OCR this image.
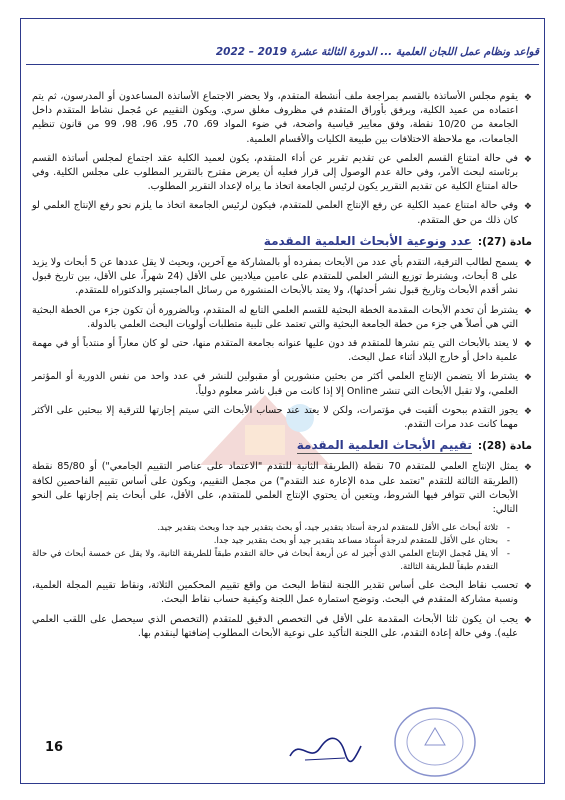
قواعد ونظام عمل اللجان العلمية ... الدورة الثالثة عشرة 2019 – 2022
❖
يقوم مجلس الأساتذة بالقسم بمراجعة ملف أنشطة المتقدم، ولا يحضر الاجتماع الأساتذة المساعدون أو المدرسون، ثم يتم اعتماده من عميد الكلية، ويرفق بأوراق المتقدم في مظروف مغلق سري. ويكون التقييم عن مُجمل نشاط المتقدم داخل الجامعة من 10/20 نقطة، وفق معايير قياسية واضحة، في ضوء المواد 69، 70، 95، 96، 98، 99 من قانون تنظيم الجامعات، مع ملاحظة الاختلافات بين طبيعة الكليات والأقسام العلمية.
❖
في حالة امتناع القسم العلمي عن تقديم تقرير عن أداء المتقدم، يكون لعميد الكلية عقد اجتماع لمجلس أساتذة القسم برئاسته لبحث الأمر، وفي حالة عدم الوصول إلى قرار فعليه أن يعرض مقترح بالتقرير المطلوب على مجلس الكلية. وفي حالة امتناع الكلية عن تقديم التقرير يكون لرئيس الجامعة اتخاذ ما يراه لإعداد التقرير المطلوب.
❖
وفي حالة امتناع عميد الكلية عن رفع الإنتاج العلمي للمتقدم، فيكون لرئيس الجامعة اتخاذ ما يلزم نحو رفع الإنتاج العلمي لو كان ذلك من حق المتقدم.
مادة (27):
عدد ونوعية الأبحاث العلمية المقدمة
❖
يسمح لطالب الترقية، التقدم بأي عدد من الأبحاث بمفرده أو بالمشاركة مع آخرين، وبحيث لا يقل عددها عن 5 أبحاث ولا يزيد على 8 أبحاث، ويشترط توزيع النشر العلمي للمتقدم على عامين ميلاديين على الأقل (24 شهراً، على الأقل، بين تاريخ قبول نشر أقدم الأبحاث وتاريخ قبول نشر أحدثها)، ولا يعتد بالأبحاث المنشورة من رسائل الماجستير والدكتوراه للمتقدم.
❖
يشترط أن تخدم الأبحاث المقدمة الخطة البحثية للقسم العلمي التابع له المتقدم، وبالضرورة أن تكون جزء من الخطة البحثية التي هي أصلاً هي جزء من خطة الجامعة البحثية والتي تعتمد على تلبية متطلبات أولويات البحث العلمي بالدولة.
❖
لا يعتد بالأبحاث التي يتم نشرها للمتقدم قد دون عليها عنوانه بجامعة المتقدم منها، حتى لو كان معاراً أو منتدباً أو في مهمة علمية داخل أو خارج البلاد أثناء عمل البحث.
❖
يشترط ألا يتضمن الإنتاج العلمي أكثر من بحثين منشورين أو مقبولين للنشر في عدد واحد من نفس الدورية أو المؤتمر العلمي، ولا تقبل الأبحاث التي تنشر Online إلا إذا كانت من قبل ناشر معلوم دولياً.
❖
يجوز التقدم ببحوث ألقيت في مؤتمرات، ولكن لا يعتد عند حساب الأبحاث التي سيتم إجازتها للترقية إلا ببحثين على الأكثر مهما كانت عدد مرات التقدم.
مادة (28):
تقييم الأبحاث العلمية المقدمة
❖
يمثل الإنتاج العلمي للمتقدم 70 نقطة (الطريقة الثانية للتقدم "الاعتماد على عناصر التقييم الجامعي") أو 85/80 نقطة (الطريقة الثالثة للتقدم "تعتمد على مدة الإعارة عند التقدم") من مجمل التقييم، ويكون على أساس تقييم الفاحصين لكافة الأبحاث التي تتوافر فيها الشروط، ويتعين أن يحتوي الإنتاج العلمي للمتقدم، على الأقل، على أبحاث يتم إجازتها على النحو التالي:
-
ثلاثة أبحاث على الأقل للمتقدم لدرجة أستاذ بتقدير جيد، أو بحث بتقدير جيد جدا وبحث بتقدير جيد.
-
بحثان على الأقل للمتقدم لدرجة أستاذ مساعد بتقدير جيد أو بحث بتقدير جيد جدا.
-
ألا يقل مُجمل الإنتاج العلمي الذي أُجيز له عن أربعة أبحاث في حالة التقدم طبقاً للطريقة الثانية، ولا يقل عن خمسة أبحاث في حالة التقدم طبقاً للطريقة الثالثة.
❖
تحسب نقاط البحث على أساس تقدير اللجنة لنقاط البحث من واقع تقييم المحكمين الثلاثة، ونقاط تقييم المجلة العلمية، ونسبة مشاركة المتقدم في البحث. وتوضح استمارة عمل اللجنة وكيفية حساب نقاط البحث.
❖
يجب ان يكون ثلثا الأبحاث المقدمة على الأقل في التخصص الدقيق للمتقدم (التخصص الذي سيحصل على اللقب العلمي عليه). وفي حالة إعادة التقدم، على اللجنة التأكيد على نوعية الأبحاث المطلوب إضافتها لينقدم بها.
16
